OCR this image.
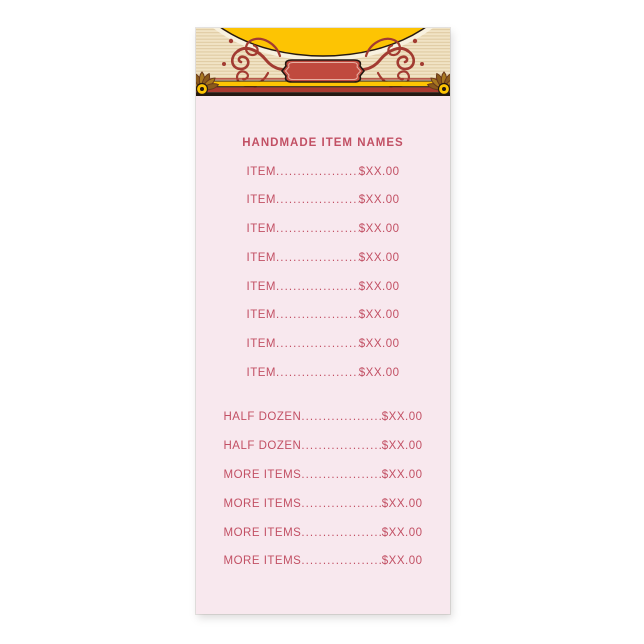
HANDMADE ITEM NAMES
ITEM .....	$XX.00
ITEM .....	$XX.00
ITEM .....	$XX.00
ITEM .....	$XX.00
ITEM .....	$XX.00
ITEM .....	$XX.00
ITEM .....	$XX.00
ITEM .....	$XX.00
HALF DOZEN .....	$XX.00
HALF DOZEN .....	$XX.00
MORE ITEMS .....	$XX.00
MORE ITEMS .....	$XX.00
MORE ITEMS .....	$XX.00
MORE ITEMS .....	$XX.00
